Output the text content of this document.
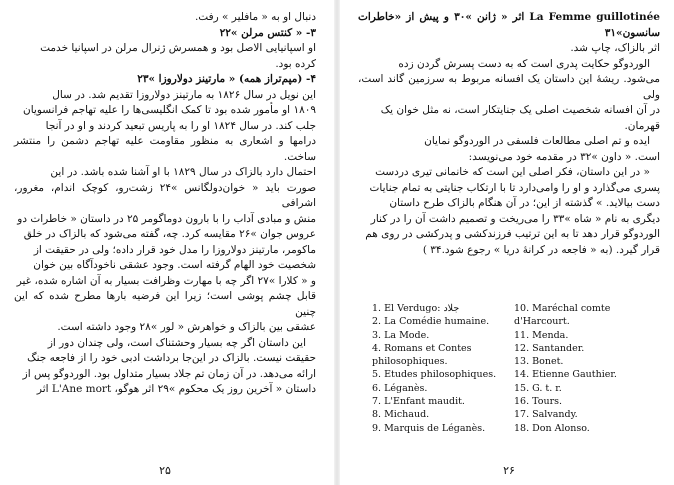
دنبال او به « مافلیر » رفت.

۳- « کنتس مرلن »۲۲

او اسپانیایی الاصل بود و همسرش ژنرال مرلن در اسپانیا خدمت

کرده بود.

۴- (مپم‌تراز همه) « مارتینز دولاروزا »۲۳

این نویل در سال ۱۸۲۶ به مارتینز دولاروزا تقدیم شد. در سال

۱۸۰۹ او مأمور شده بود تا کمک انگلیسی‌ها را علیه تهاجم فرانسویان

جلب کند. در سال ۱۸۲۴ او را به پاریس تبعید کردند و او در آنجا

درامها و اشعاری به منظور مقاومت علیه تهاجم دشمن را منتشر ساخت.

احتمال دارد بالزاک در سال ۱۸۲۹ با او آشنا شده باشد. در این

صورت باید « خوان‌دولگانس »۲۴ زشت‌رو، کوچک اندام، مغرور، اشرافی

منش و مبادی آداب را با بارون دوما‌گومر ۲۵ در داستان « خاطرات دو

عروس جوان »۲۶ مقایسه کرد. چه، گفته می‌شود که بالزاک در خلق

ماکومر، مارتینز دولاروزا را مدل خود قرار داده؛ ولی در حقیقت از

شخصیت خود الهام گرفته است. وجود عشقی ناخودآگاه بین خوان

و « کلارا »۲۷ اگر چه با مهارت وظرافت بسیار به آن اشاره شده، غیر

قابل چشم پوشی است؛ زیرا این فرضیه بارها مطرح شده که این چنین

عشقی بین بالزاک و خواهرش « لور »۲۸ وجود داشته است.

این داستان اگر چه بسیار وحشتناک است، ولی چندان دور از

حقیقت نیست. بالزاک در این‌جا برداشت ادبی خود را از فاجعه جنگ

ارائه می‌دهد. در آن زمان تم جلاد بسیار متداول بود. الوردوگو پس از

داستان « آخرین روز یک محکوم »۲۹ اثر هوگو، L'Ane mort اثر

۲۵

La Femme guillotinée اثر « ژانن »۳۰ و پیش از «خاطرات سانسون»۳۱

اثر بالزاک، چاپ شد.

الوردوگو حکایت پدری است که به دست پسرش گردن زده

می‌شود. ریشهٔ این داستان یک افسانه مربوط به سرزمین گاند است، ولی

در آن افسانه شخصیت اصلی یک جنایتکار است، نه مثل خوان یک

قهرمان.

ایده و تم اصلی مطالعات فلسفی در الوردوگو نمایان

است. « داون »۳۲ در مقدمه خود می‌نویسد:

« در این داستان، فکر اصلی این است که خانمانی تیری دردست

پسری می‌گذارد و او را وامی‌دارد تا با ارتکاب جنایتی به تمام جنایات

دست بیالاید. » گذشته از این؛ در آن هنگام بالزاک طرح داستان

دیگری به نام « شاه »۳۳ را می‌ریخت و تصمیم داشت آن را در کنار

الوردوگو قرار دهد تا به این ترتیب فرزندکشی و پدرکشی در روی هم

قرار گیرد. (به « فاجعه در کرانهٔ دریا » رجوع شود.۳۴ )

1. El Verdugo: جلاد
2. La Comédie humaine.
3. La Mode.
4. Romans et Contes
philosophiques.
5. Etudes philosophiques.
6. Léganès.
7. L'Enfant maudit.
8. Michaud.
9. Marquis de Léganès.
10. Maréchal comte
d'Harcourt.
11. Menda.
12. Santander.
13. Bonet.
14. Etienne Gauthier.
15. G. t. r.
16. Tours.
17. Salvandy.
18. Don Alonso.
۲۶
